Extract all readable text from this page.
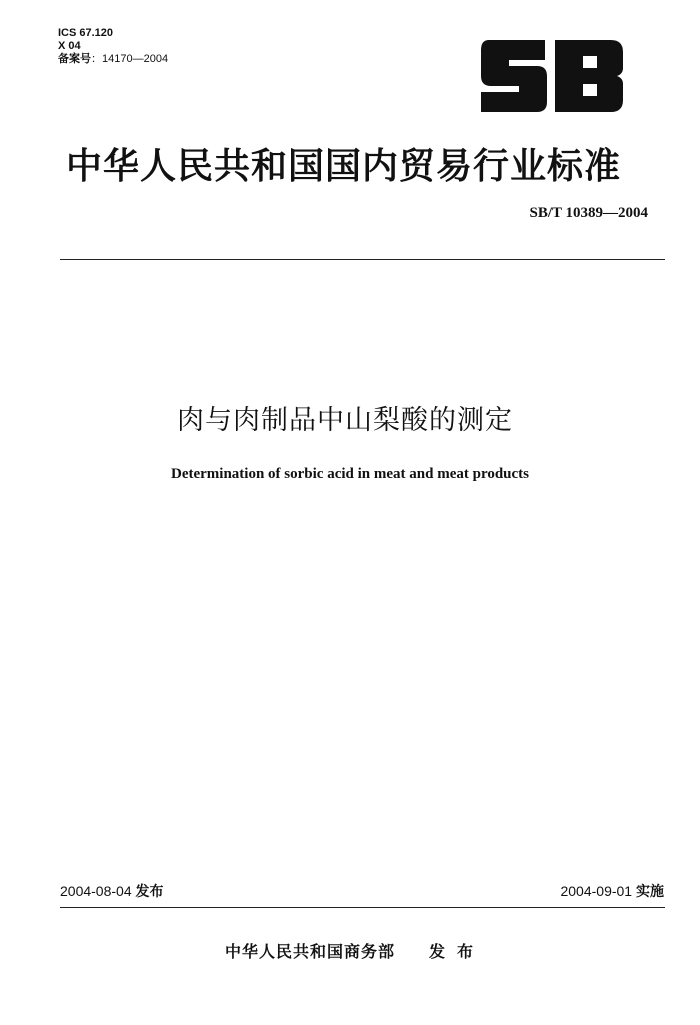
ICS 67.120
X 04
备案号：14170—2004
中华人民共和国国内贸易行业标准
SB/T 10389—2004
肉与肉制品中山梨酸的测定
Determination of sorbic acid in meat and meat products
2004-08-04 发布	2004-09-01 实施
中华人民共和国商务部 发布
